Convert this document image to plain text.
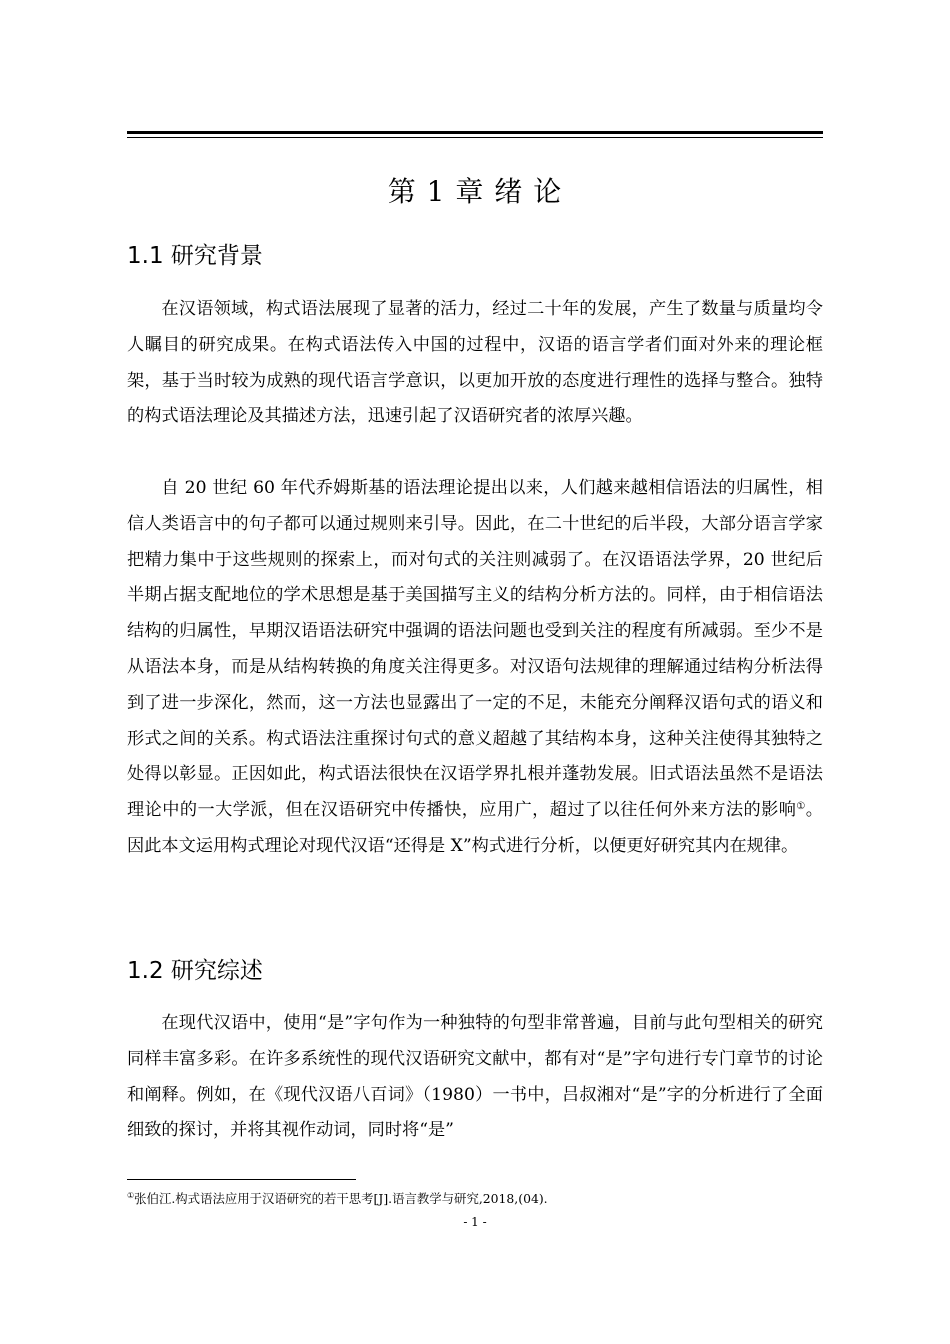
第 1 章 绪 论
1.1 研究背景

在汉语领域，构式语法展现了显著的活力，经过二十年的发展，产生了数量与质量均令人瞩目的研究成果。在构式语法传入中国的过程中，汉语的语言学者们面对外来的理论框架，基于当时较为成熟的现代语言学意识，以更加开放的态度进行理性的选择与整合。独特的构式语法理论及其描述方法，迅速引起了汉语研究者的浓厚兴趣。

自 20 世纪 60 年代乔姆斯基的语法理论提出以来，人们越来越相信语法的归属性，相信人类语言中的句子都可以通过规则来引导。因此，在二十世纪的后半段，大部分语言学家把精力集中于这些规则的探索上，而对句式的关注则减弱了。在汉语语法学界，20 世纪后半期占据支配地位的学术思想是基于美国描写主义的结构分析方法的。同样，由于相信语法结构的归属性，早期汉语语法研究中强调的语法问题也受到关注的程度有所减弱。至少不是从语法本身，而是从结构转换的角度关注得更多。对汉语句法规律的理解通过结构分析法得到了进一步深化，然而，这一方法也显露出了一定的不足，未能充分阐释汉语句式的语义和形式之间的关系。构式语法注重探讨句式的意义超越了其结构本身，这种关注使得其独特之处得以彰显。正因如此，构式语法很快在汉语学界扎根并蓬勃发展。旧式语法虽然不是语法理论中的一大学派，但在汉语研究中传播快，应用广，超过了以往任何外来方法的影响①。因此本文运用构式理论对现代汉语“还得是 X”构式进行分析，以便更好研究其内在规律。

1.2 研究综述

在现代汉语中，使用“是”字句作为一种独特的句型非常普遍，目前与此句型相关的研究同样丰富多彩。在许多系统性的现代汉语研究文献中，都有对“是”字句进行专门章节的讨论和阐释。例如，在《现代汉语八百词》（1980）一书中，吕叔湘对“是”字的分析进行了全面细致的探讨，并将其视作动词，同时将“是”

①张伯江.构式语法应用于汉语研究的若干思考[J].语言教学与研究,2018,(04).
- 1 -
